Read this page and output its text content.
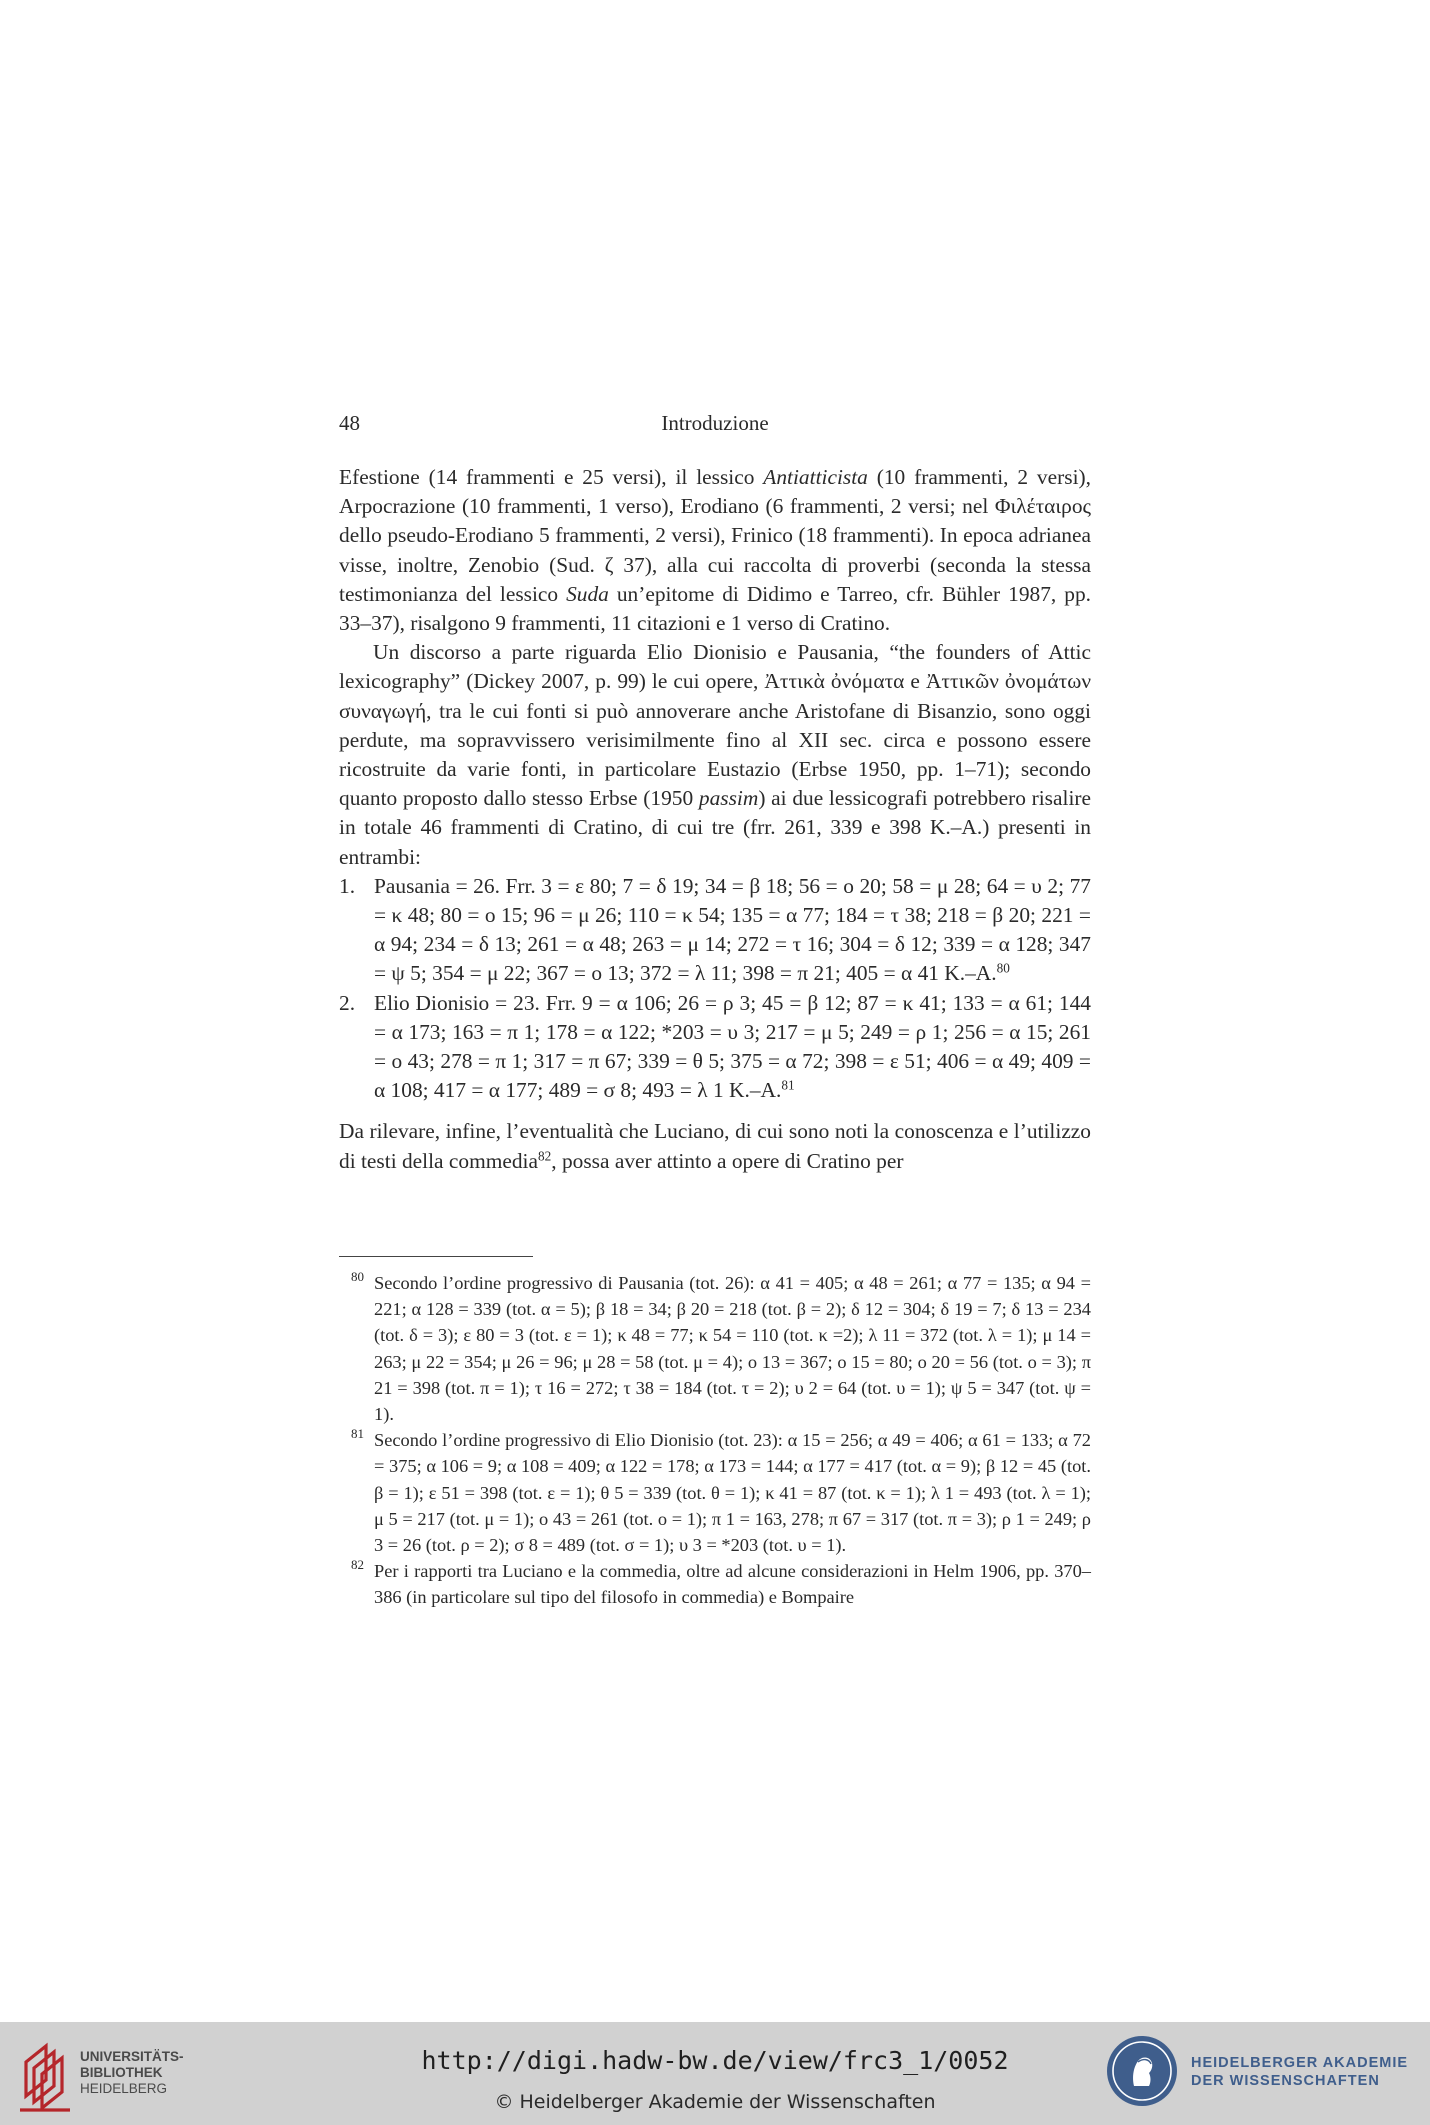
48	Introduzione

Efestione (14 frammenti e 25 versi), il lessico Antiatticista (10 frammenti, 2 versi), Arpocrazione (10 frammenti, 1 verso), Erodiano (6 frammenti, 2 versi; nel Φιλέταιρος dello pseudo-Erodiano 5 frammenti, 2 versi), Frinico (18 frammenti). In epoca adrianea visse, inoltre, Zenobio (Sud. ζ 37), alla cui raccolta di proverbi (seconda la stessa testimonianza del lessico Suda un’epitome di Didimo e Tarreo, cfr. Bühler 1987, pp. 33–37), risalgono 9 frammenti, 11 citazioni e 1 verso di Cratino.

Un discorso a parte riguarda Elio Dionisio e Pausania, “the founders of Attic lexicography” (Dickey 2007, p. 99) le cui opere, Ἀττικὰ ὀνόματα e Ἀττικῶν ὀνομάτων συναγωγή, tra le cui fonti si può annoverare anche Aristofane di Bisanzio, sono oggi perdute, ma sopravvissero verisimilmente fino al XII sec. circa e possono essere ricostruite da varie fonti, in particolare Eustazio (Erbse 1950, pp. 1–71); secondo quanto proposto dallo stesso Erbse (1950 passim) ai due lessicografi potrebbero risalire in totale 46 frammenti di Cratino, di cui tre (frr. 261, 339 e 398 K.–A.) presenti in entrambi:

1. Pausania = 26. Frr. 3 = ε 80; 7 = δ 19; 34 = β 18; 56 = ο 20; 58 = μ 28; 64 = υ 2; 77 = κ 48; 80 = ο 15; 96 = μ 26; 110 = κ 54; 135 = α 77; 184 = τ 38; 218 = β 20; 221 = α 94; 234 = δ 13; 261 = α 48; 263 = μ 14; 272 = τ 16; 304 = δ 12; 339 = α 128; 347 = ψ 5; 354 = μ 22; 367 = ο 13; 372 = λ 11; 398 = π 21; 405 = α 41 K.–A.$^{80}$
2. Elio Dionisio = 23. Frr. 9 = α 106; 26 = ρ 3; 45 = β 12; 87 = κ 41; 133 = α 61; 144 = α 173; 163 = π 1; 178 = α 122; *203 = υ 3; 217 = μ 5; 249 = ρ 1; 256 = α 15; 261 = ο 43; 278 = π 1; 317 = π 67; 339 = θ 5; 375 = α 72; 398 = ε 51; 406 = α 49; 409 = α 108; 417 = α 177; 489 = σ 8; 493 = λ 1 K.–A.$^{81}$

Da rilevare, infine, l’eventualità che Luciano, di cui sono noti la conoscenza e l’utilizzo di testi della commedia$^{82}$, possa aver attinto a opere di Cratino per

80 Secondo l’ordine progressivo di Pausania (tot. 26): α 41 = 405; α 48 = 261; α 77 = 135; α 94 = 221; α 128 = 339 (tot. α = 5); β 18 = 34; β 20 = 218 (tot. β = 2); δ 12 = 304; δ 19 = 7; δ 13 = 234 (tot. δ = 3); ε 80 = 3 (tot. ε = 1); κ 48 = 77; κ 54 = 110 (tot. κ =2); λ 11 = 372 (tot. λ = 1); μ 14 = 263; μ 22 = 354; μ 26 = 96; μ 28 = 58 (tot. μ = 4); ο 13 = 367; ο 15 = 80; ο 20 = 56 (tot. ο = 3); π 21 = 398 (tot. π = 1); τ 16 = 272; τ 38 = 184 (tot. τ = 2); υ 2 = 64 (tot. υ = 1); ψ 5 = 347 (tot. ψ = 1).
81 Secondo l’ordine progressivo di Elio Dionisio (tot. 23): α 15 = 256; α 49 = 406; α 61 = 133; α 72 = 375; α 106 = 9; α 108 = 409; α 122 = 178; α 173 = 144; α 177 = 417 (tot. α = 9); β 12 = 45 (tot. β = 1); ε 51 = 398 (tot. ε = 1); θ 5 = 339 (tot. θ = 1); κ 41 = 87 (tot. κ = 1); λ 1 = 493 (tot. λ = 1); μ 5 = 217 (tot. μ = 1); ο 43 = 261 (tot. ο = 1); π 1 = 163, 278; π 67 = 317 (tot. π = 3); ρ 1 = 249; ρ 3 = 26 (tot. ρ = 2); σ 8 = 489 (tot. σ = 1); υ 3 = *203 (tot. υ = 1).
82 Per i rapporti tra Luciano e la commedia, oltre ad alcune considerazioni in Helm 1906, pp. 370–386 (in particolare sul tipo del filosofo in commedia) e Bompaire
UNIVERSITÄTS-
BIBLIOTHEK
HEIDELBERG
http://digi.hadw-bw.de/view/frc3_1/0052
© Heidelberger Akademie der Wissenschaften
HEIDELBERGER AKADEMIE
DER WISSENSCHAFTEN
